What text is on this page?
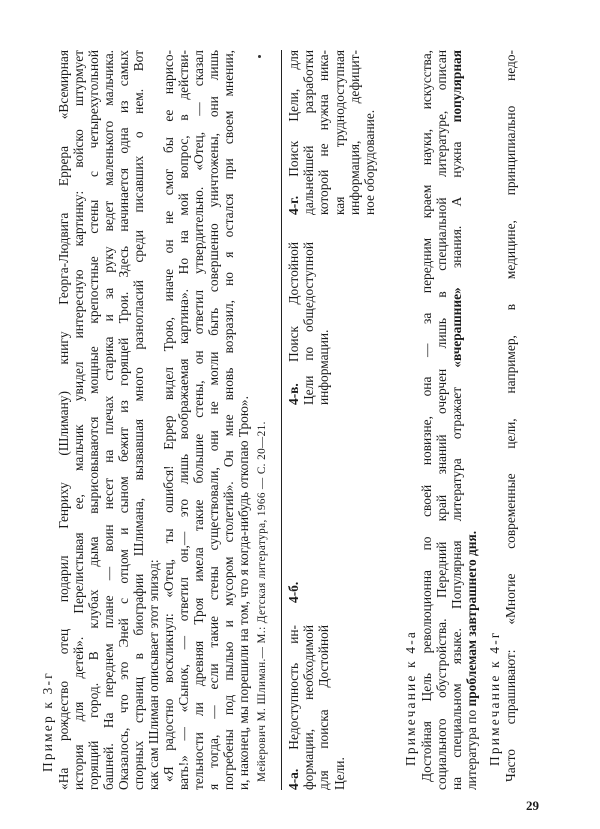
Пример к 3-г «На рождество отец подарил Генриху (Шлиману) книгу Георга-Людвига Еррера «Всемирная история для детей». Перелистывая ее, мальчик увидел интересную картинку: войско штурмует горящий город. В клубах дыма вырисовываются мощные крепостные стены с четырехугольной башней. На переднем плане — воин несет на плечах старика и за руку ведет маленького мальчика. Оказалось, что это Эней с отцом и сыном бежит из горящей Трои. Здесь начинается одна из самых спорных страниц в биографии Шлимана, вызвавшая много разногласий среди писавших о нем. Вот как сам Шлиман описывает этот эпизод: «Я радостно воскликнул: «Отец, ты ошибся! Еррер видел Трою, иначе он не смог бы ее нарисо- вать!» — «Сынок, — ответил он,— это лишь воображаемая картина». Но на мой вопрос, в действи- тельности ли древняя Троя имела такие большие стены, он ответил утвердительно. «Отец, — сказал я тогда, — если такие стены существовали, они не могли быть совершенно уничтожены, они лишь погребены под пылью и мусором столетий». Он мне вновь возразил, но я остался при своем мнении, и, наконец, мы порешили на том, что я когда-нибудь откопаю Трою». Мейерович М. Шлиман.— М.: Детская литература, 1966 — С. 20—21. 4-а. Недоступность ин- формации, необходимой для поиска Достойной Цели.
4-б.
4-в. Поиск Достойной Цели по общедоступной информации.
4-г. Поиск Цели, для дальнейшей разработки которой не нужна ника- кая труднодоступная информация, дефицит- ное оборудование.
Примечание к 4-а Достойная Цель революционна по своей новизне, она — за передним краем науки, искусства, социального обустройства. Передний край знаний очерчен лишь в специальной литературе, описан на специальном языке. Популярная литература отражает «вчерашние» знания. А нужна популярная
литература по проблемам завтрашнего дня. Примечание к 4-г Часто спрашивают: «Многие современные цели, например, в медицине, принципиально недо-
29
